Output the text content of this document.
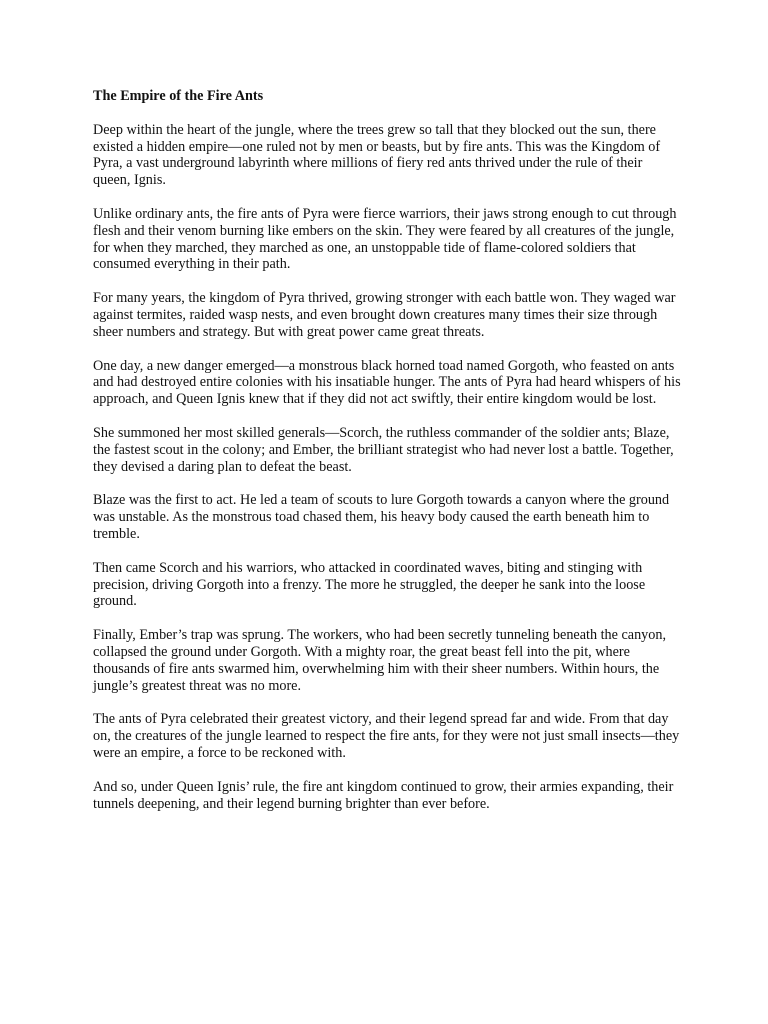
The Empire of the Fire Ants

Deep within the heart of the jungle, where the trees grew so tall that they blocked out the sun, there existed a hidden empire—one ruled not by men or beasts, but by fire ants. This was the Kingdom of Pyra, a vast underground labyrinth where millions of fiery red ants thrived under the rule of their queen, Ignis.

Unlike ordinary ants, the fire ants of Pyra were fierce warriors, their jaws strong enough to cut through flesh and their venom burning like embers on the skin. They were feared by all creatures of the jungle, for when they marched, they marched as one, an unstoppable tide of flame-colored soldiers that consumed everything in their path.

For many years, the kingdom of Pyra thrived, growing stronger with each battle won. They waged war against termites, raided wasp nests, and even brought down creatures many times their size through sheer numbers and strategy. But with great power came great threats.

One day, a new danger emerged—a monstrous black horned toad named Gorgoth, who feasted on ants and had destroyed entire colonies with his insatiable hunger. The ants of Pyra had heard whispers of his approach, and Queen Ignis knew that if they did not act swiftly, their entire kingdom would be lost.

She summoned her most skilled generals—Scorch, the ruthless commander of the soldier ants; Blaze, the fastest scout in the colony; and Ember, the brilliant strategist who had never lost a battle. Together, they devised a daring plan to defeat the beast.

Blaze was the first to act. He led a team of scouts to lure Gorgoth towards a canyon where the ground was unstable. As the monstrous toad chased them, his heavy body caused the earth beneath him to tremble.

Then came Scorch and his warriors, who attacked in coordinated waves, biting and stinging with precision, driving Gorgoth into a frenzy. The more he struggled, the deeper he sank into the loose ground.

Finally, Ember’s trap was sprung. The workers, who had been secretly tunneling beneath the canyon, collapsed the ground under Gorgoth. With a mighty roar, the great beast fell into the pit, where thousands of fire ants swarmed him, overwhelming him with their sheer numbers. Within hours, the jungle’s greatest threat was no more.

The ants of Pyra celebrated their greatest victory, and their legend spread far and wide. From that day on, the creatures of the jungle learned to respect the fire ants, for they were not just small insects—they were an empire, a force to be reckoned with.

And so, under Queen Ignis’ rule, the fire ant kingdom continued to grow, their armies expanding, their tunnels deepening, and their legend burning brighter than ever before.
